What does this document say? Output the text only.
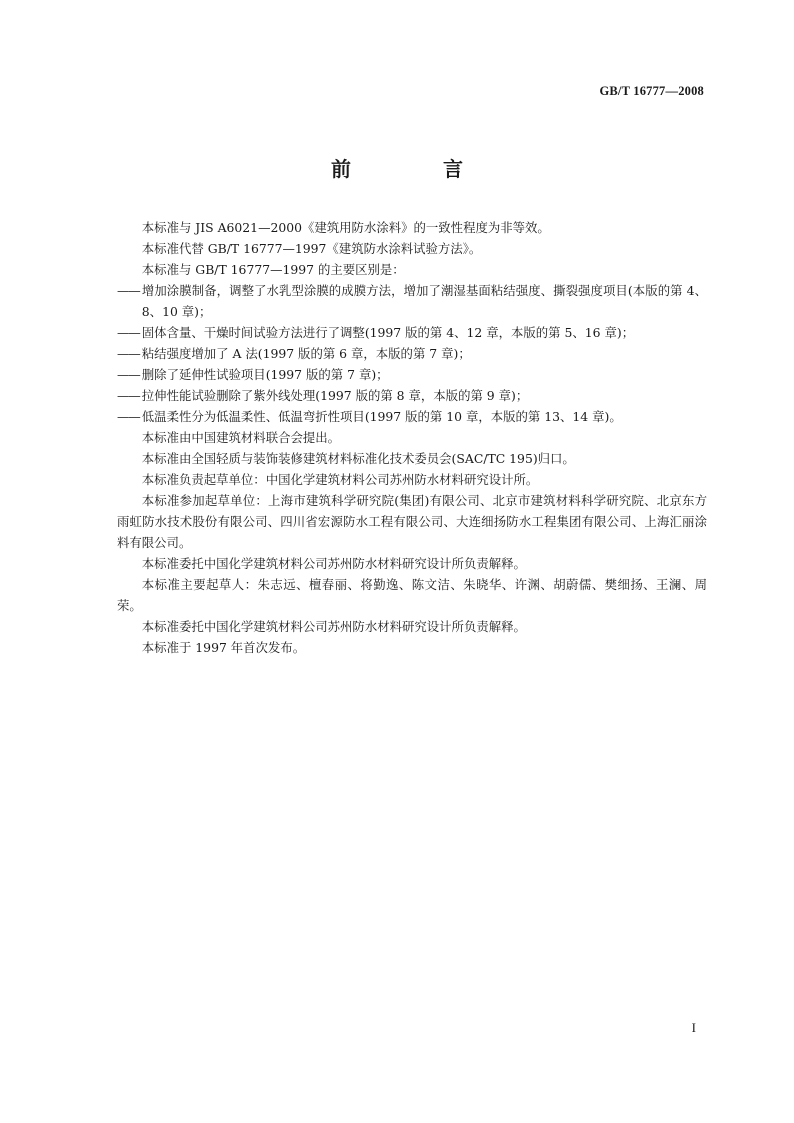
GB/T 16777—2008
前　言

本标准与 JIS A6021—2000《建筑用防水涂料》的一致性程度为非等效。

本标准代替 GB/T 16777—1997《建筑防水涂料试验方法》。

本标准与 GB/T 16777—1997 的主要区别是：

—— 增加涂膜制备，调整了水乳型涂膜的成膜方法，增加了潮湿基面粘结强度、撕裂强度项目(本版的第 4、8、10 章)；

—— 固体含量、干燥时间试验方法进行了调整(1997 版的第 4、12 章，本版的第 5、16 章)；

—— 粘结强度增加了 A 法(1997 版的第 6 章，本版的第 7 章)；

—— 删除了延伸性试验项目(1997 版的第 7 章)；

—— 拉伸性能试验删除了紫外线处理(1997 版的第 8 章，本版的第 9 章)；

—— 低温柔性分为低温柔性、低温弯折性项目(1997 版的第 10 章，本版的第 13、14 章)。

本标准由中国建筑材料联合会提出。

本标准由全国轻质与装饰装修建筑材料标准化技术委员会(SAC/TC 195)归口。

本标准负责起草单位：中国化学建筑材料公司苏州防水材料研究设计所。

本标准参加起草单位：上海市建筑科学研究院(集团)有限公司、北京市建筑材料科学研究院、北京东方雨虹防水技术股份有限公司、四川省宏源防水工程有限公司、大连细扬防水工程集团有限公司、上海汇丽涂料有限公司。

本标准委托中国化学建筑材料公司苏州防水材料研究设计所负责解释。

本标准主要起草人：朱志远、檀春丽、将勤逸、陈文洁、朱晓华、许渊、胡蔚儒、樊细扬、王澜、周荣。

本标准委托中国化学建筑材料公司苏州防水材料研究设计所负责解释。

本标准于 1997 年首次发布。

I
